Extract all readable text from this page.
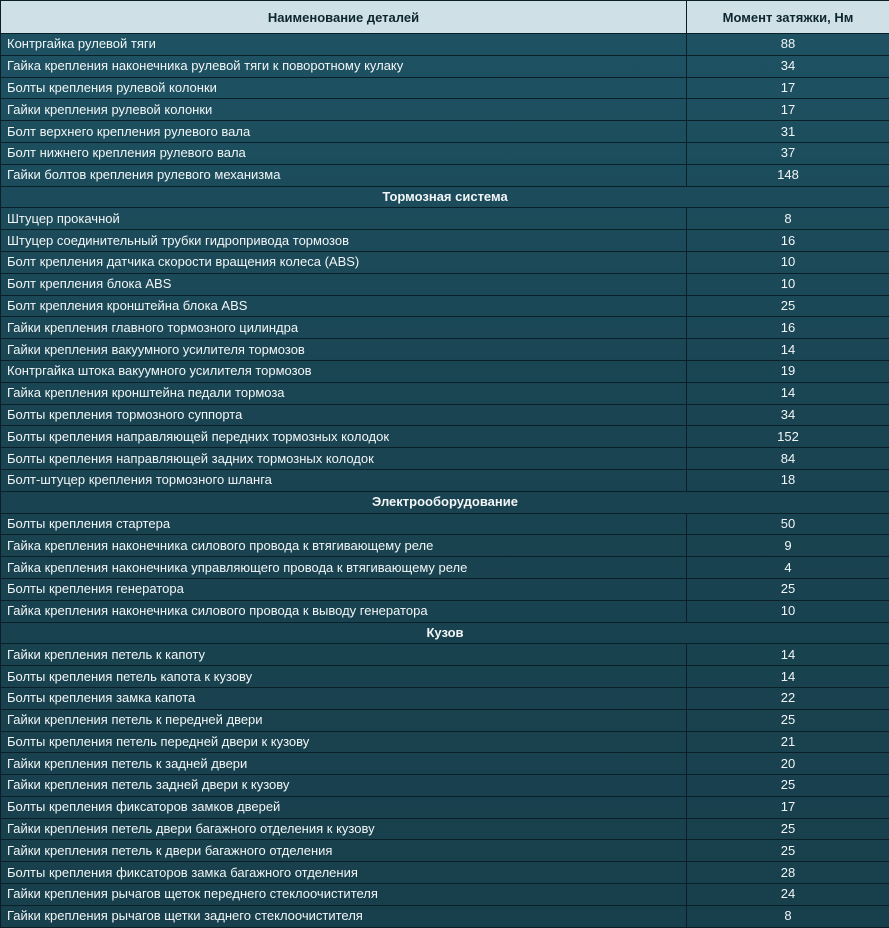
Наименование деталей	Момент затяжки, Нм
Контргайка рулевой тяги	88
Гайка крепления наконечника рулевой тяги к поворотному кулаку	34
Болты крепления рулевой колонки	17
Гайки крепления рулевой колонки	17
Болт верхнего крепления рулевого вала	31
Болт нижнего крепления рулевого вала	37
Гайки болтов крепления рулевого механизма	148
Тормозная система	
Штуцер прокачной	8
Штуцер соединительный трубки гидропривода тормозов	16
Болт крепления датчика скорости вращения колеса (ABS)	10
Болт крепления блока ABS	10
Болт крепления кронштейна блока ABS	25
Гайки крепления главного тормозного цилиндра	16
Гайки крепления вакуумного усилителя тормозов	14
Контргайка штока вакуумного усилителя тормозов	19
Гайка крепления кронштейна педали тормоза	14
Болты крепления тормозного суппорта	34
Болты крепления направляющей передних тормозных колодок	152
Болты крепления направляющей задних тормозных колодок	84
Болт-штуцер крепления тормозного шланга	18
Электрооборудование	
Болты крепления стартера	50
Гайка крепления наконечника силового провода к втягивающему реле	9
Гайка крепления наконечника управляющего провода к втягивающему реле	4
Болты крепления генератора	25
Гайка крепления наконечника силового провода к выводу генератора	10
Кузов	
Гайки крепления петель к капоту	14
Болты крепления петель капота к кузову	14
Болты крепления замка капота	22
Гайки крепления петель к передней двери	25
Болты крепления петель передней двери к кузову	21
Гайки крепления петель к задней двери	20
Гайки крепления петель задней двери к кузову	25
Болты крепления фиксаторов замков дверей	17
Гайки крепления петель двери багажного отделения к кузову	25
Гайки крепления петель к двери багажного отделения	25
Болты крепления фиксаторов замка багажного отделения	28
Гайки крепления рычагов щеток переднего стеклоочистителя	24
Гайки крепления рычагов щетки заднего стеклоочистителя	8
